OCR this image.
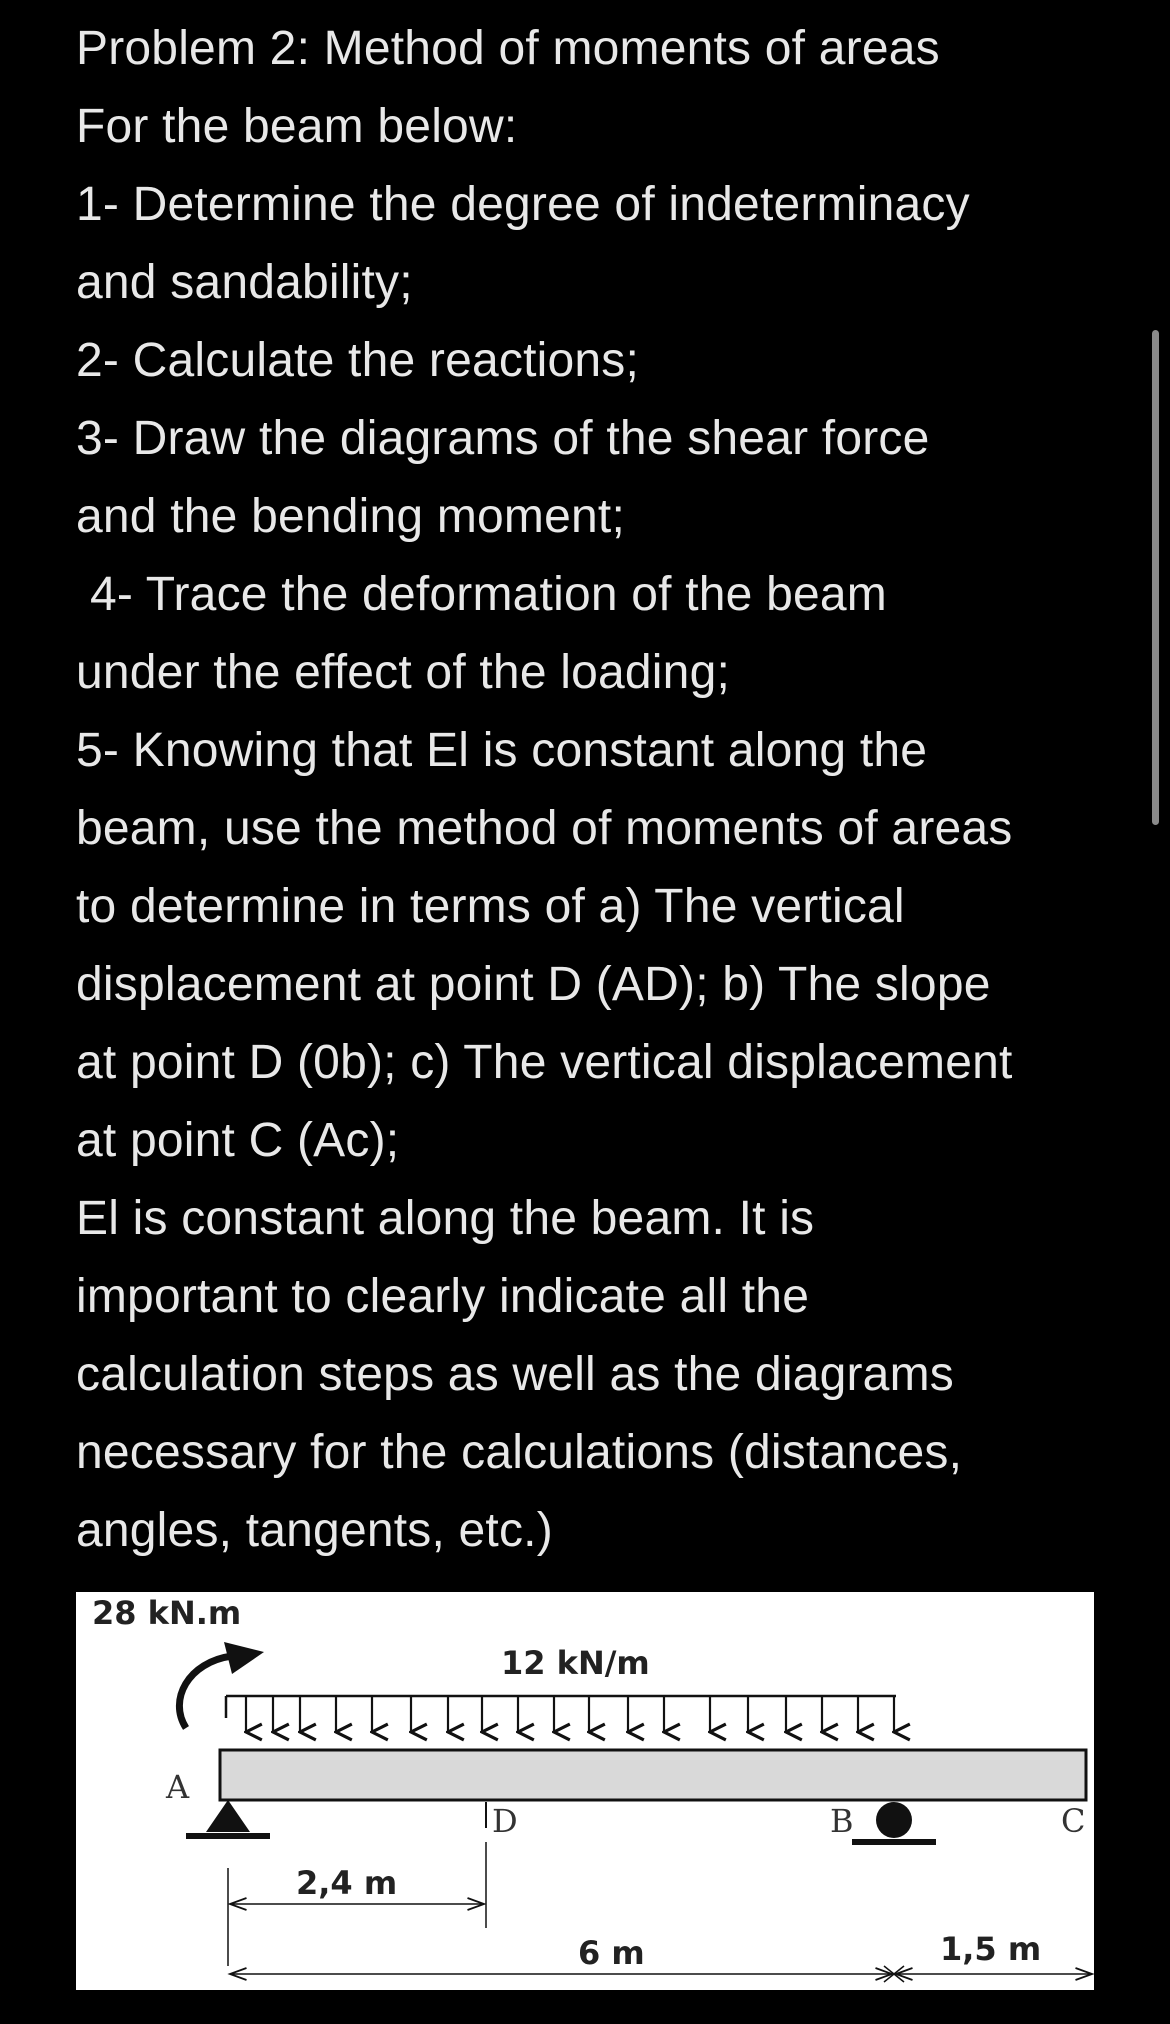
Problem 2: Method of moments of areas
For the beam below:
1- Determine the degree of indeterminacy
and sandability;
2- Calculate the reactions;
3- Draw the diagrams of the shear force
and the bending moment;
4- Trace the deformation of the beam
under the effect of the loading;
5- Knowing that El is constant along the
beam, use the method of moments of areas
to determine in terms of a) The vertical
displacement at point D (AD); b) The slope
at point D (0b); c) The vertical displacement
at point C (Ac);
El is constant along the beam. It is
important to clearly indicate all the
calculation steps as well as the diagrams
necessary for the calculations (distances,
angles, tangents, etc.)
28 kN.m
12 kN/m
A
D	B	C
2,4 m
6 m	1,5 m
